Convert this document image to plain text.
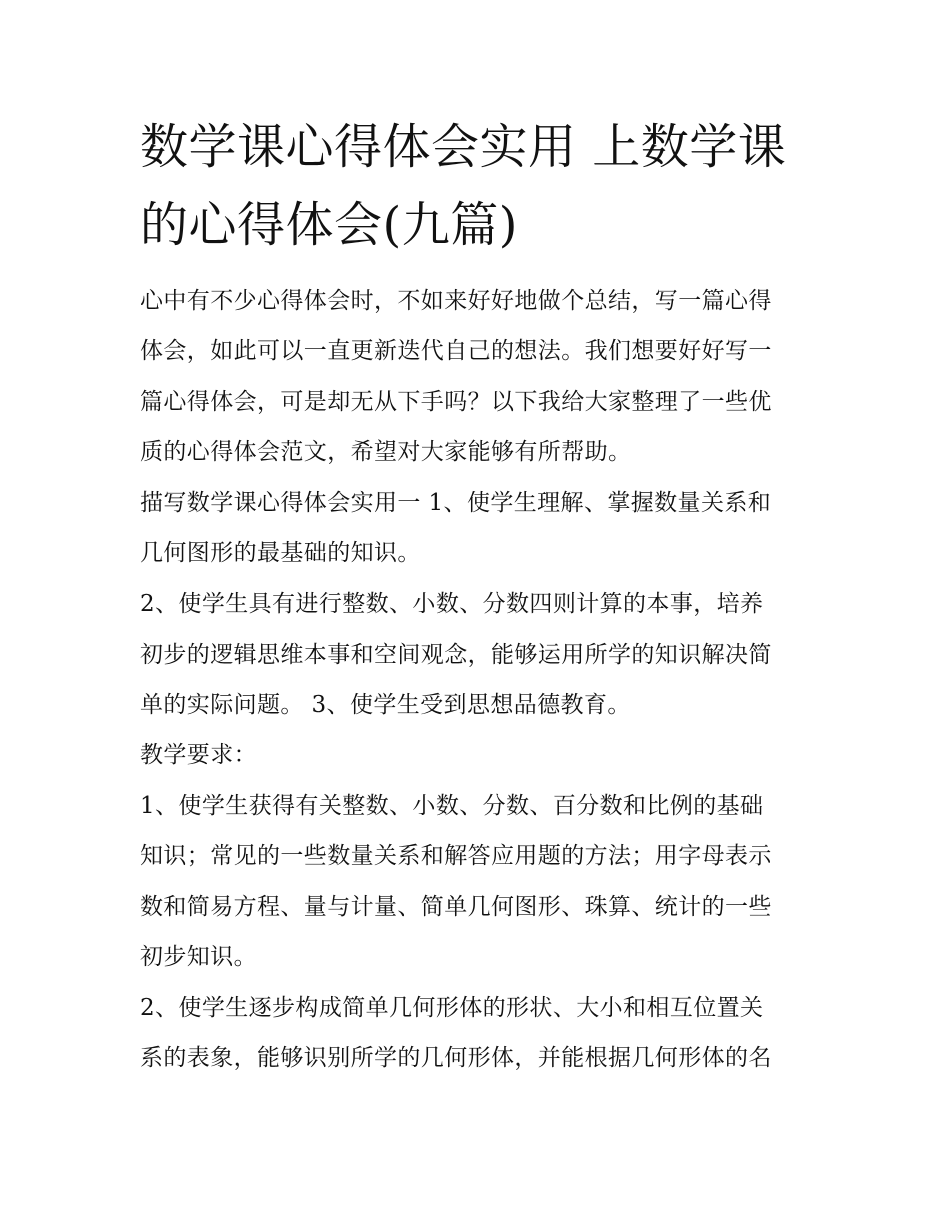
数学课心得体会实用 上数学课
的心得体会(九篇)
心中有不少心得体会时，不如来好好地做个总结，写一篇心得
体会，如此可以一直更新迭代自己的想法。我们想要好好写一
篇心得体会，可是却无从下手吗？以下我给大家整理了一些优
质的心得体会范文，希望对大家能够有所帮助。
描写数学课心得体会实用一 1、使学生理解、掌握数量关系和
几何图形的最基础的知识。
2、使学生具有进行整数、小数、分数四则计算的本事，培养
初步的逻辑思维本事和空间观念，能够运用所学的知识解决简
单的实际问题。 3、使学生受到思想品德教育。
教学要求：
1、使学生获得有关整数、小数、分数、百分数和比例的基础
知识；常见的一些数量关系和解答应用题的方法；用字母表示
数和简易方程、量与计量、简单几何图形、珠算、统计的一些
初步知识。
2、使学生逐步构成简单几何形体的形状、大小和相互位置关
系的表象，能够识别所学的几何形体，并能根据几何形体的名
